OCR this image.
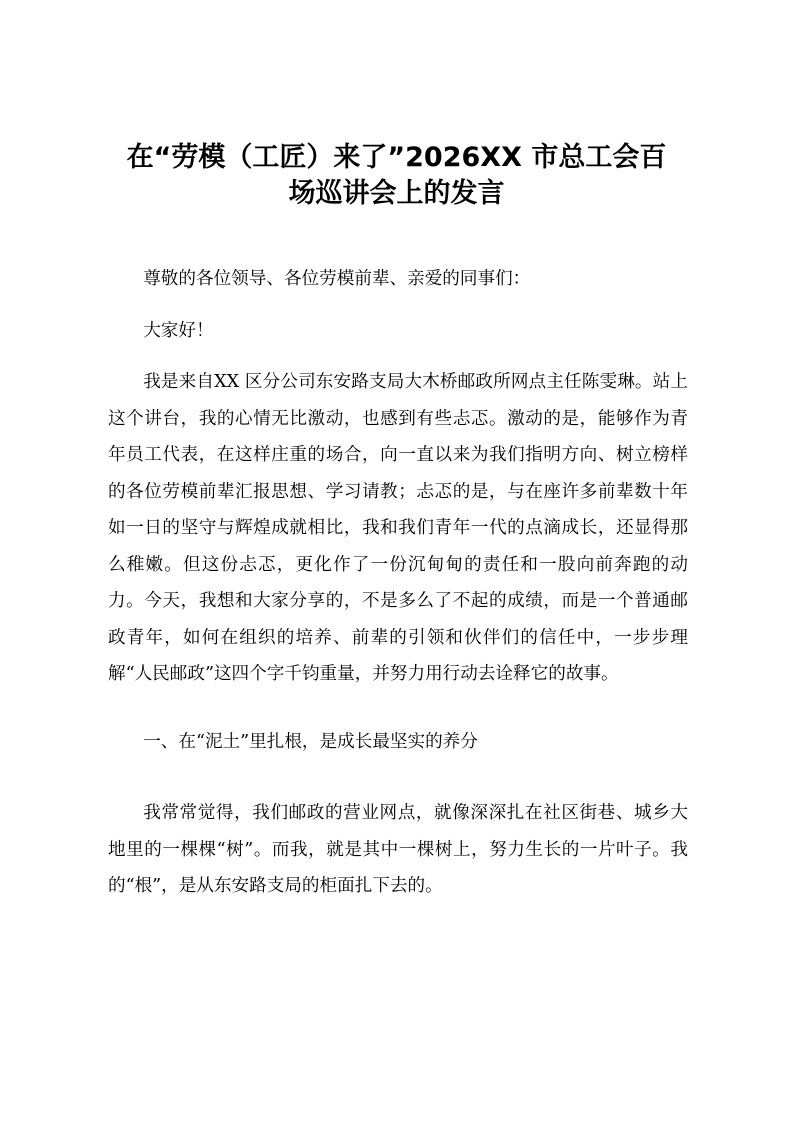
在“劳模（工匠）来了”2026XX 市总工会百
场巡讲会上的发言

尊敬的各位领导、各位劳模前辈、亲爱的同事们：

大家好！

我是来自XX 区分公司东安路支局大木桥邮政所网点主任陈雯琳。站上这个讲台，我的心情无比激动，也感到有些忐忑。激动的是，能够作为青年员工代表，在这样庄重的场合，向一直以来为我们指明方向、树立榜样的各位劳模前辈汇报思想、学习请教；忐忑的是，与在座许多前辈数十年如一日的坚守与辉煌成就相比，我和我们青年一代的点滴成长，还显得那么稚嫩。但这份忐忑，更化作了一份沉甸甸的责任和一股向前奔跑的动力。今天，我想和大家分享的，不是多么了不起的成绩，而是一个普通邮政青年，如何在组织的培养、前辈的引领和伙伴们的信任中，一步步理解“人民邮政”这四个字千钧重量，并努力用行动去诠释它的故事。

一、在“泥土”里扎根，是成长最坚实的养分

我常常觉得，我们邮政的营业网点，就像深深扎在社区街巷、城乡大地里的一棵棵“树”。而我，就是其中一棵树上，努力生长的一片叶子。我的“根”，是从东安路支局的柜面扎下去的。
